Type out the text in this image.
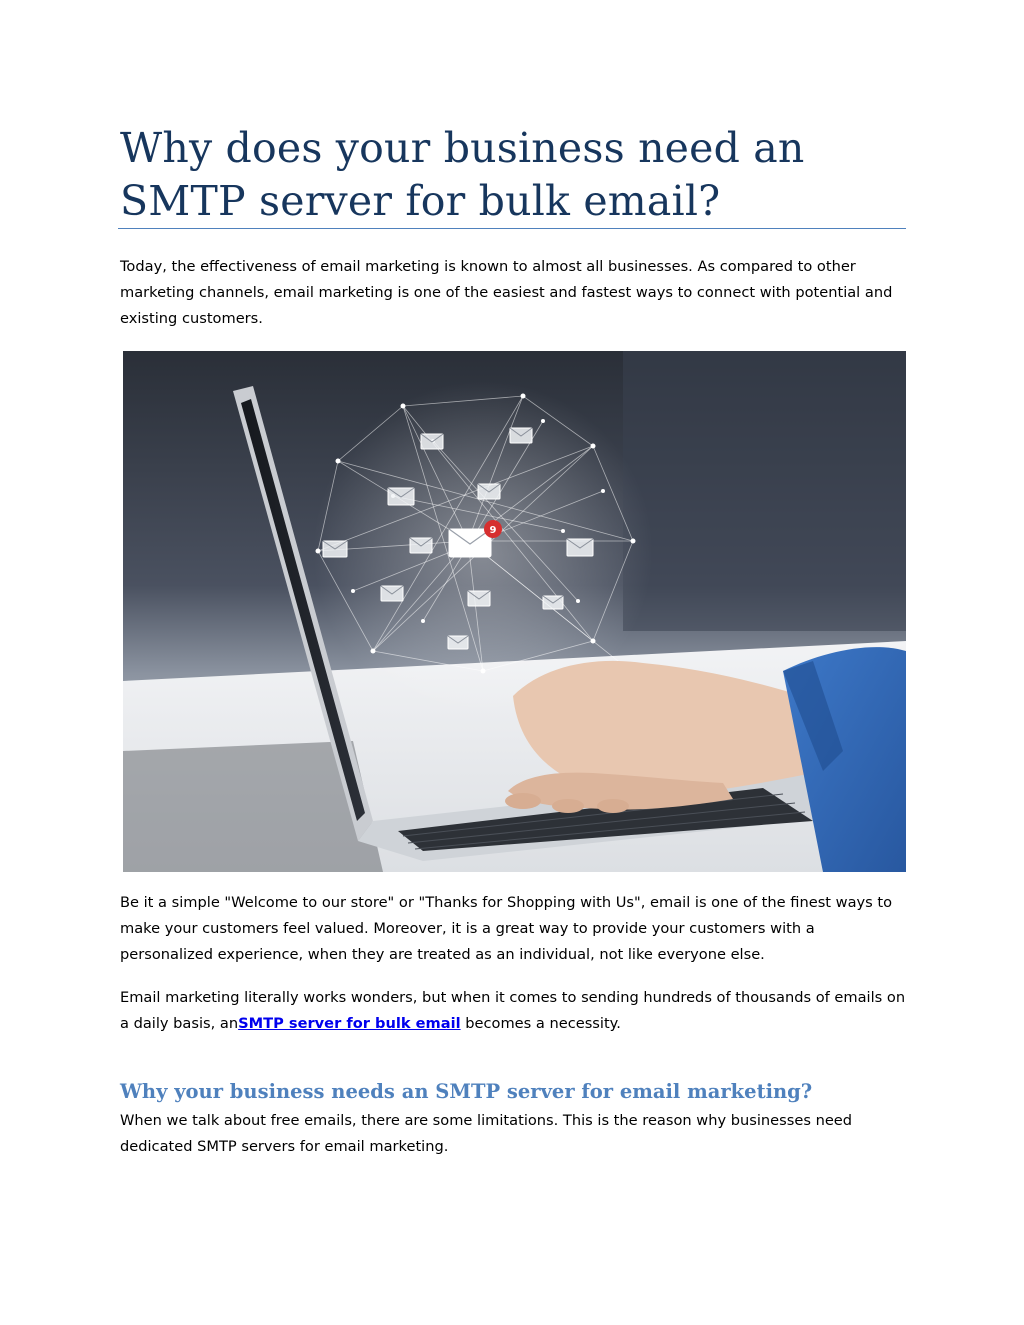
Why does your business need an SMTP server for bulk email?

Today, the effectiveness of email marketing is known to almost all businesses. As compared to other marketing channels, email marketing is one of the easiest and fastest ways to connect with potential and existing customers.

9

Be it a simple "Welcome to our store" or "Thanks for Shopping with Us", email is one of the finest ways to make your customers feel valued. Moreover, it is a great way to provide your customers with a personalized experience, when they are treated as an individual, not like everyone else.

Email marketing literally works wonders, but when it comes to sending hundreds of thousands of emails on a daily basis, anSMTP server for bulk email becomes a necessity.

Why your business needs an SMTP server for email marketing?

When we talk about free emails, there are some limitations. This is the reason why businesses need dedicated SMTP servers for email marketing.
